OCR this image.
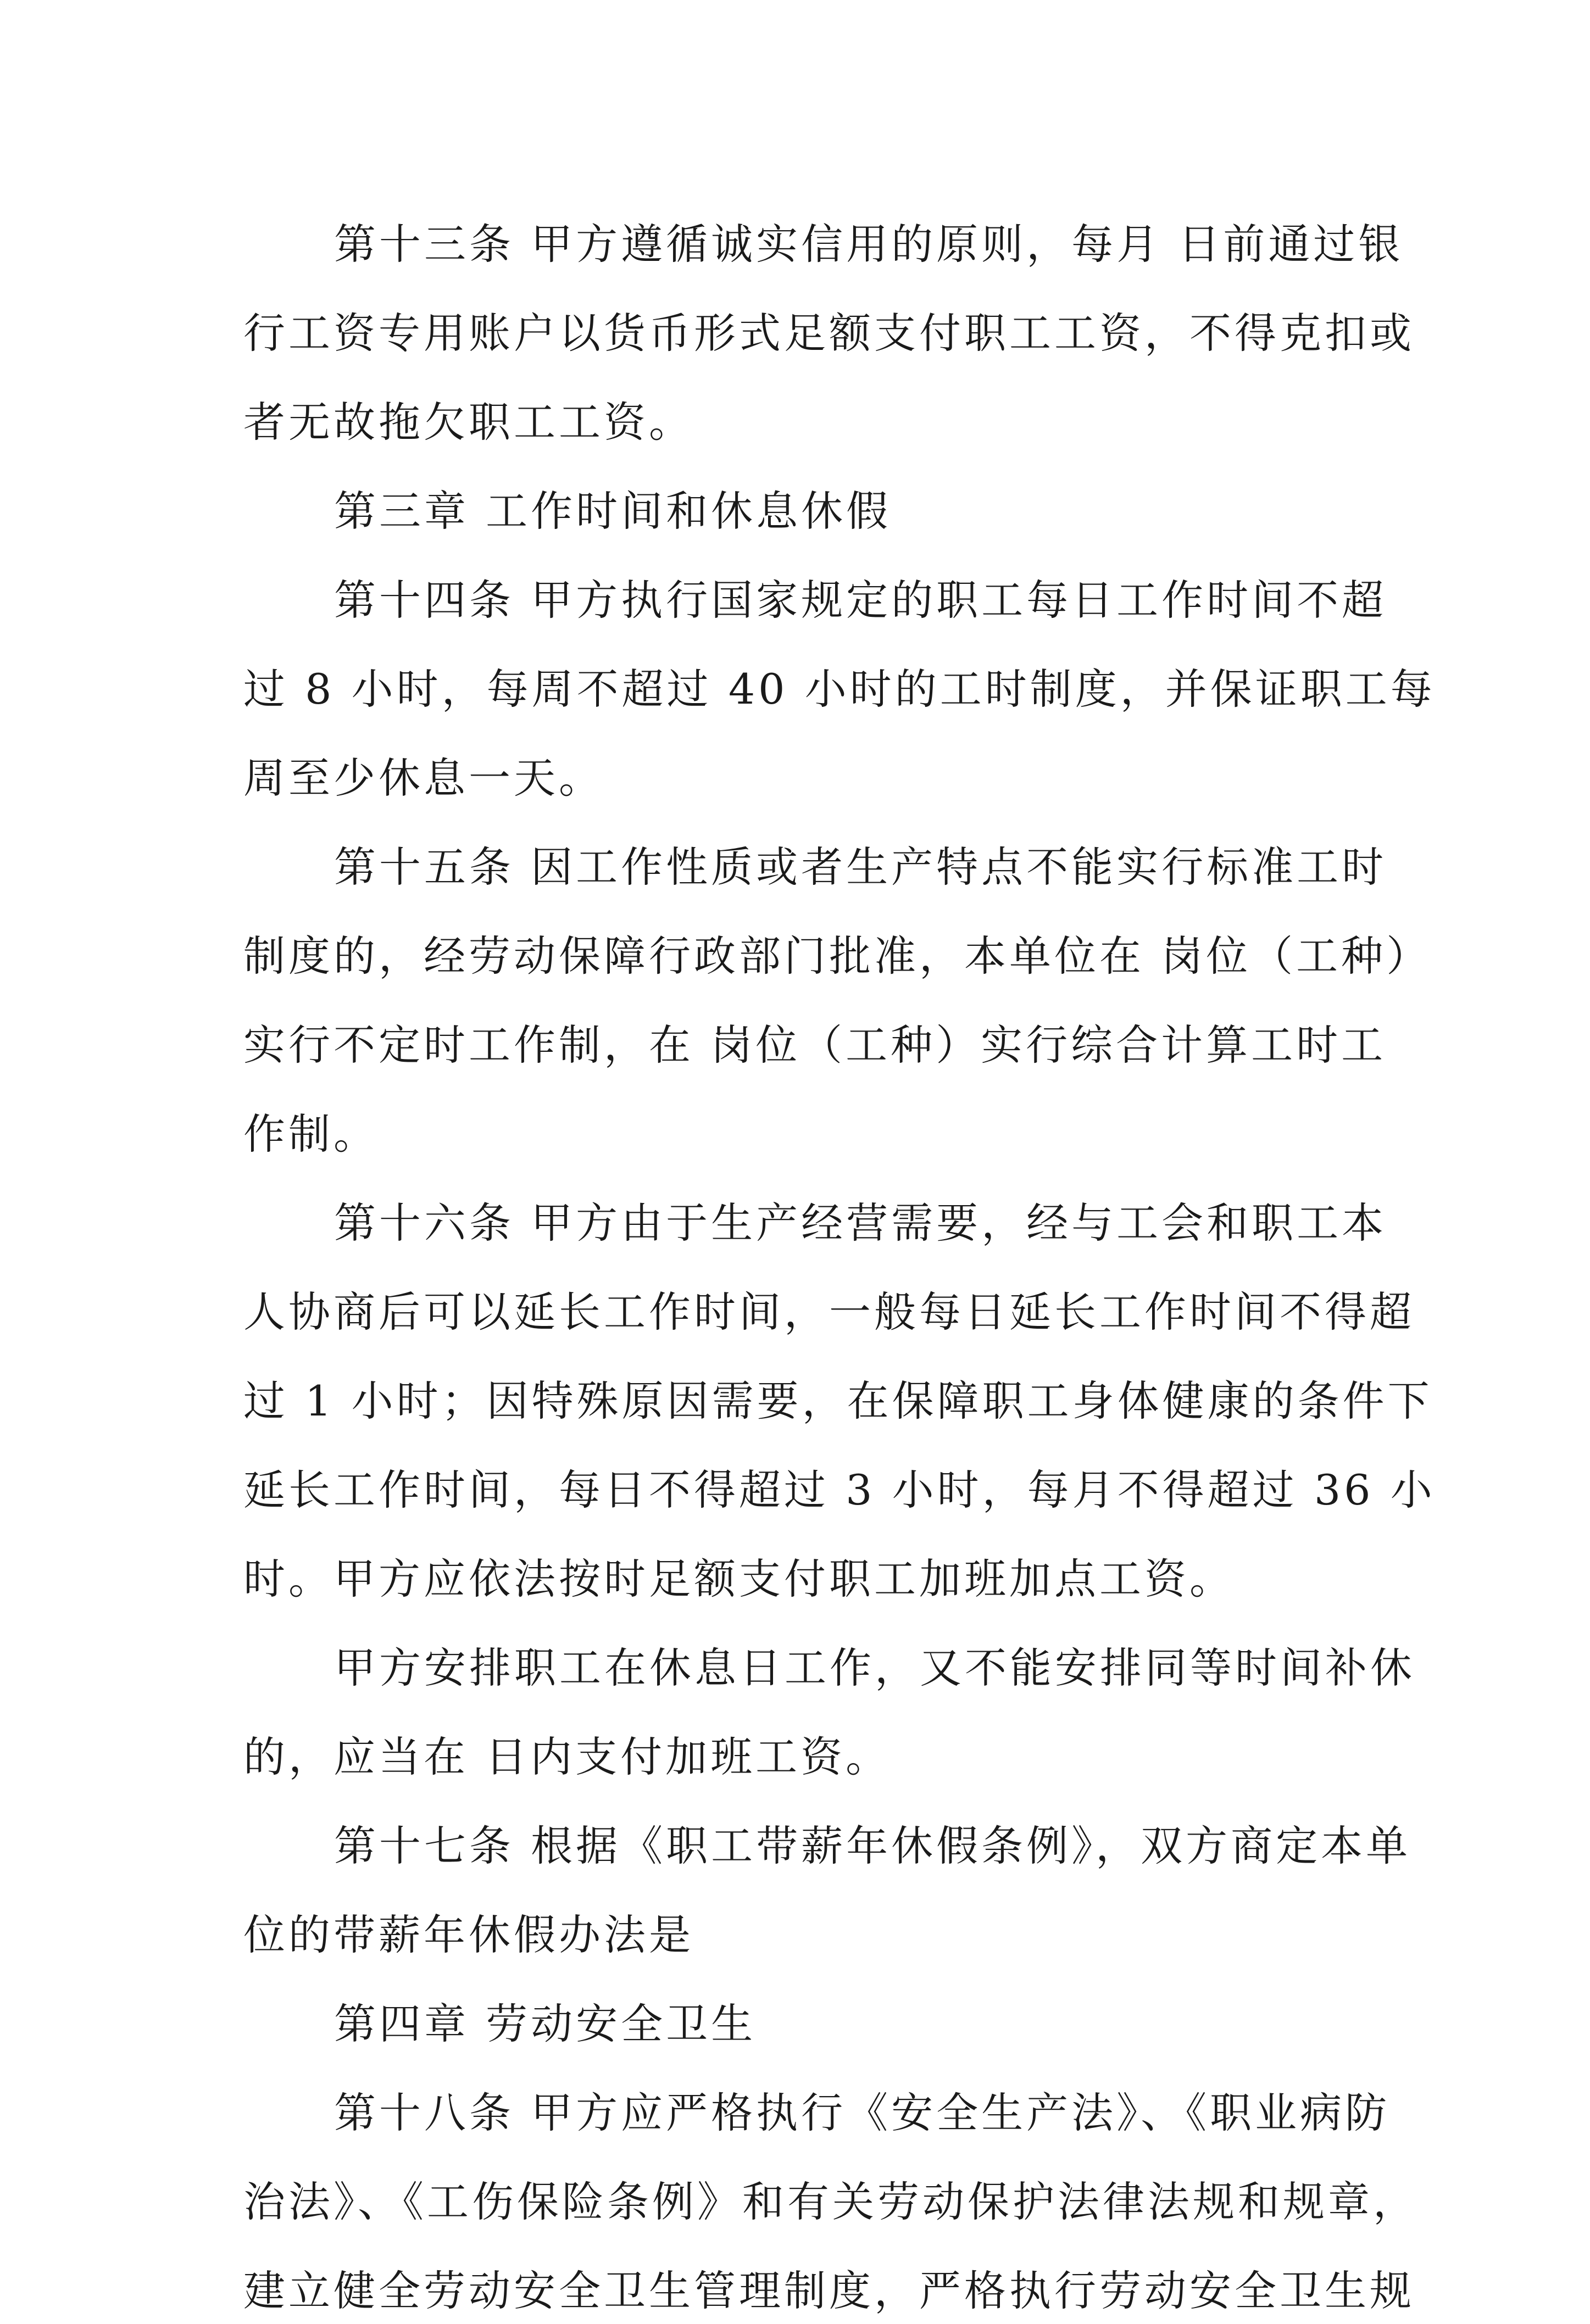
第十三条 甲方遵循诚实信用的原则，每月 日前通过银
行工资专用账户以货币形式足额支付职工工资，不得克扣或
者无故拖欠职工工资。
第三章 工作时间和休息休假
第十四条 甲方执行国家规定的职工每日工作时间不超
过 8 小时，每周不超过 40 小时的工时制度，并保证职工每
周至少休息一天。
第十五条 因工作性质或者生产特点不能实行标准工时
制度的，经劳动保障行政部门批准，本单位在 岗位（工种）
实行不定时工作制，在 岗位（工种）实行综合计算工时工
作制。
第十六条 甲方由于生产经营需要，经与工会和职工本
人协商后可以延长工作时间，一般每日延长工作时间不得超
过 1 小时；因特殊原因需要，在保障职工身体健康的条件下
延长工作时间，每日不得超过 3 小时，每月不得超过 36 小
时。甲方应依法按时足额支付职工加班加点工资。
甲方安排职工在休息日工作，又不能安排同等时间补休
的，应当在 日内支付加班工资。
第十七条 根据《职工带薪年休假条例》，双方商定本单
位的带薪年休假办法是
第四章 劳动安全卫生
第十八条 甲方应严格执行《安全生产法》、《职业病防
治法》、《工伤保险条例》和有关劳动保护法律法规和规章，
建立健全劳动安全卫生管理制度，严格执行劳动安全卫生规
